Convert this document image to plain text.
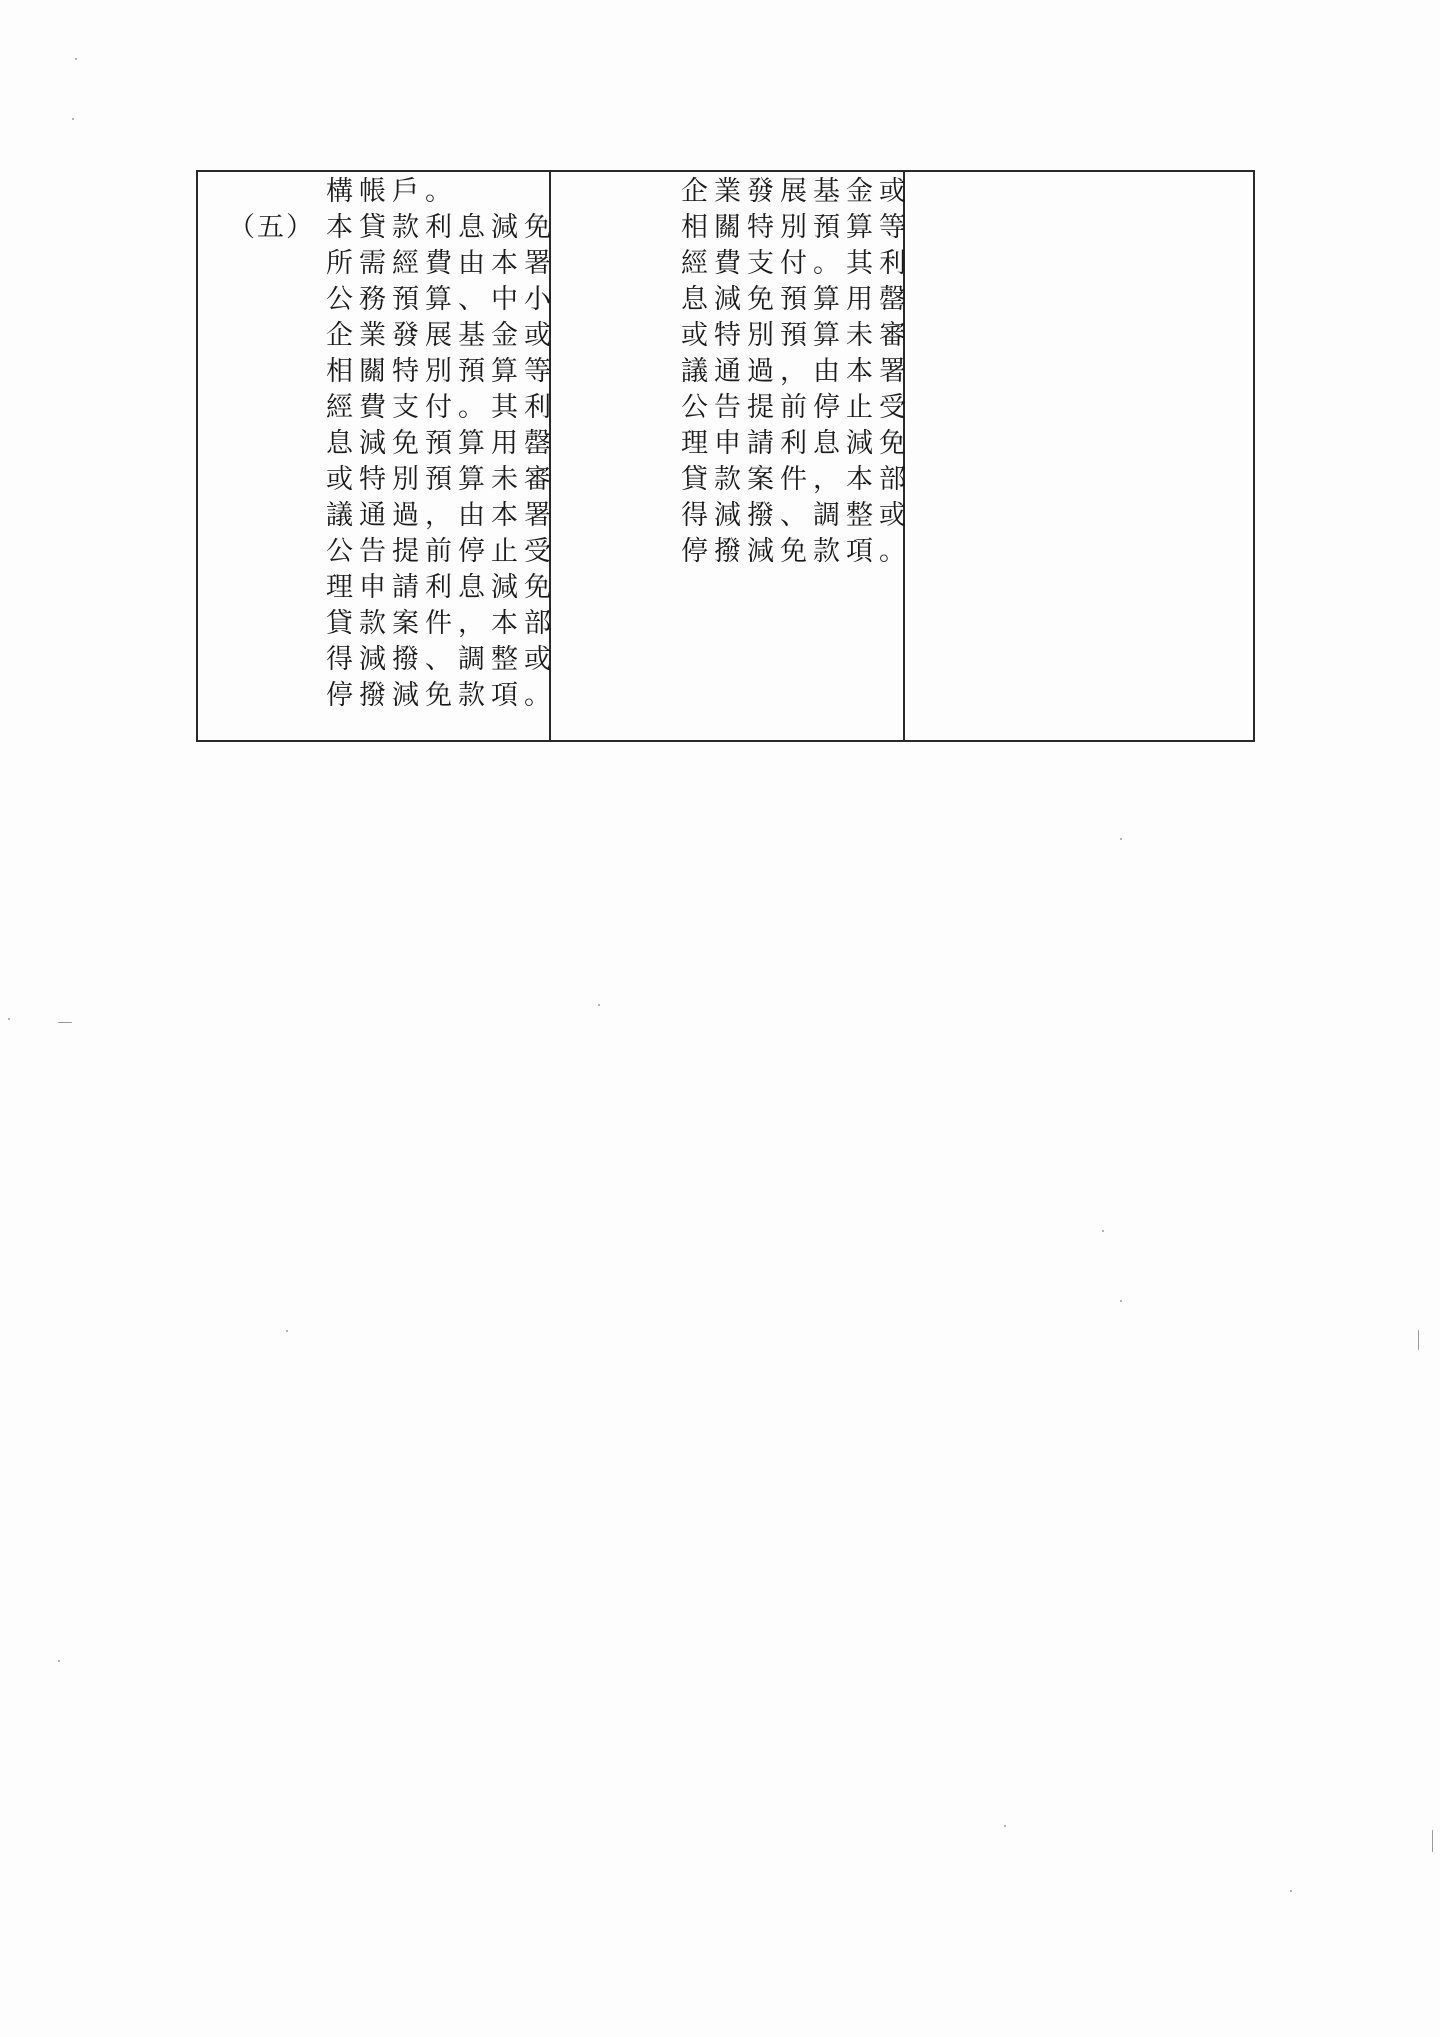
構帳戶。
（五） 本貸款利息減免
所需經費由本署
公務預算、中小
企業發展基金或
相關特別預算等
經費支付。其利
息減免預算用罄
或特別預算未審
議通過，由本署
公告提前停止受
理申請利息減免
貸款案件，本部
得減撥、調整或
停撥減免款項。
企業發展基金或
相關特別預算等
經費支付。其利
息減免預算用罄
或特別預算未審
議通過，由本署
公告提前停止受
理申請利息減免
貸款案件，本部
得減撥、調整或
停撥減免款項。
